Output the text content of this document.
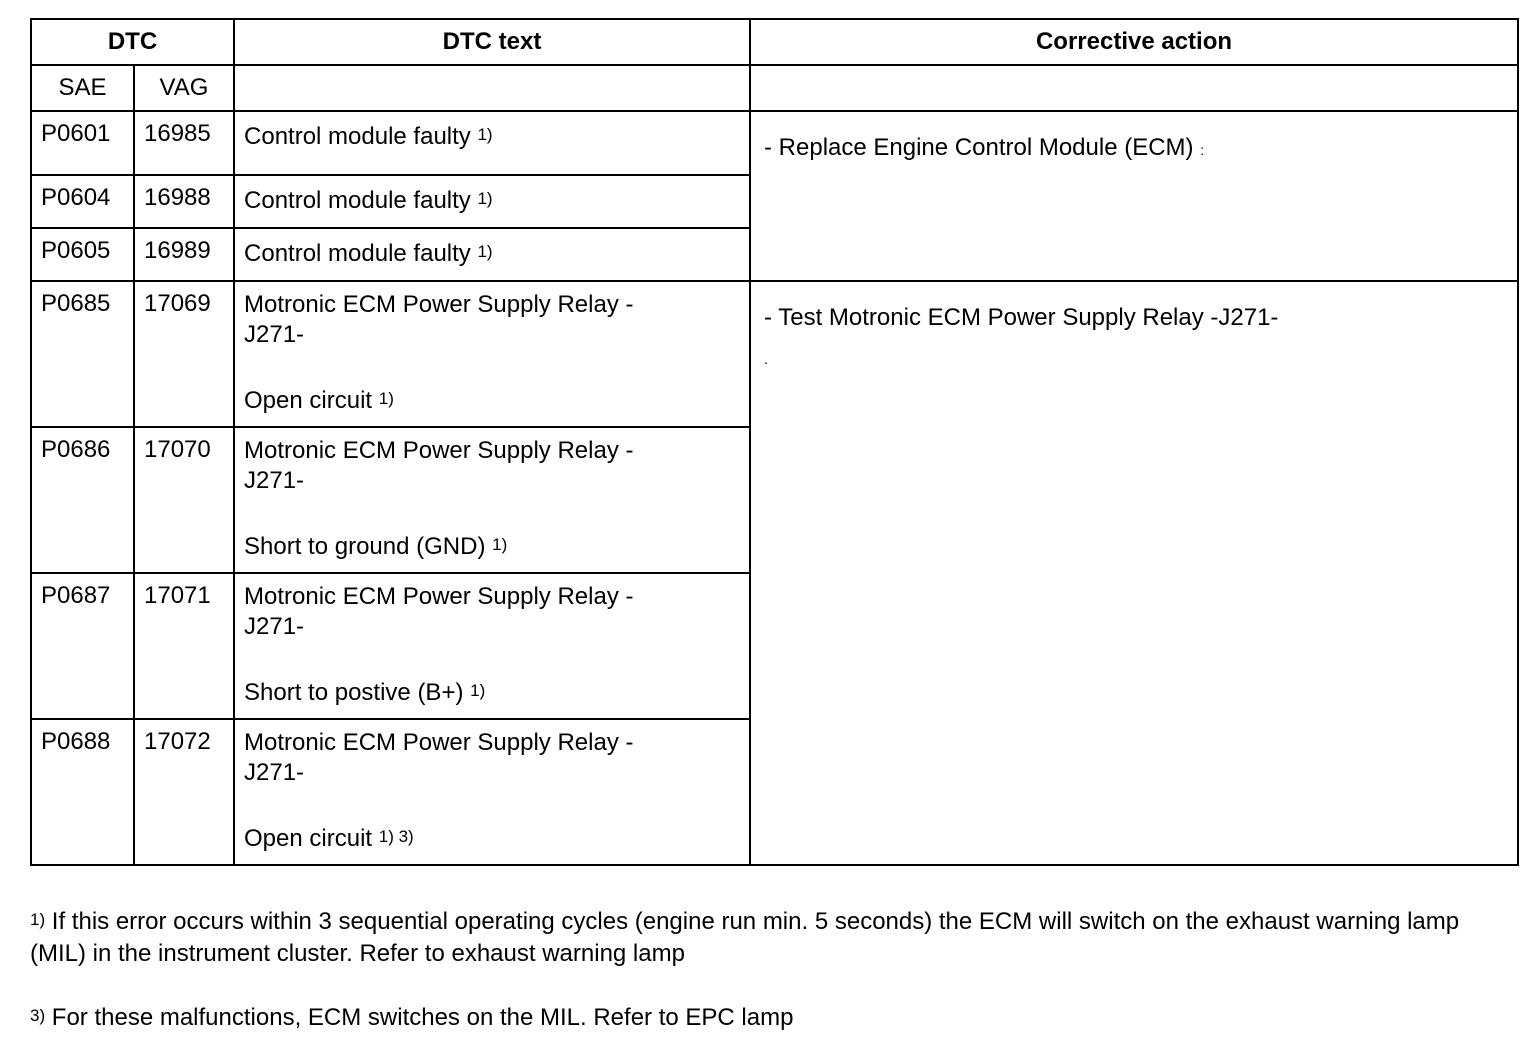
DTC		DTC text	Corrective action
SAE	VAG		
P0601	16985	Control module faulty $^{1)}$	- Replace Engine Control Module (ECM) :
P0604	16988	Control module faulty $^{1)}$
P0605	16989	Control module faulty $^{1)}$
P0685	17069	Motronic ECM Power Supply Relay -
J271-
Open circuit $^{1)}$	- Test Motronic ECM Power Supply Relay -J271-
.

P0686	17070	Motronic ECM Power Supply Relay -
J271-
Short to ground (GND) $^{1)}$

P0687	17071	Motronic ECM Power Supply Relay -
J271-
Short to postive (B+) $^{1)}$

P0688	17072	Motronic ECM Power Supply Relay -
J271-
Open circuit $^{1) 3)}$
$^{1)}$ If this error occurs within 3 sequential operating cycles (engine run min. 5 seconds) the ECM will switch on the exhaust warning lamp (MIL) in the instrument cluster. Refer to exhaust warning lamp
$^{3)}$ For these malfunctions, ECM switches on the MIL. Refer to EPC lamp
